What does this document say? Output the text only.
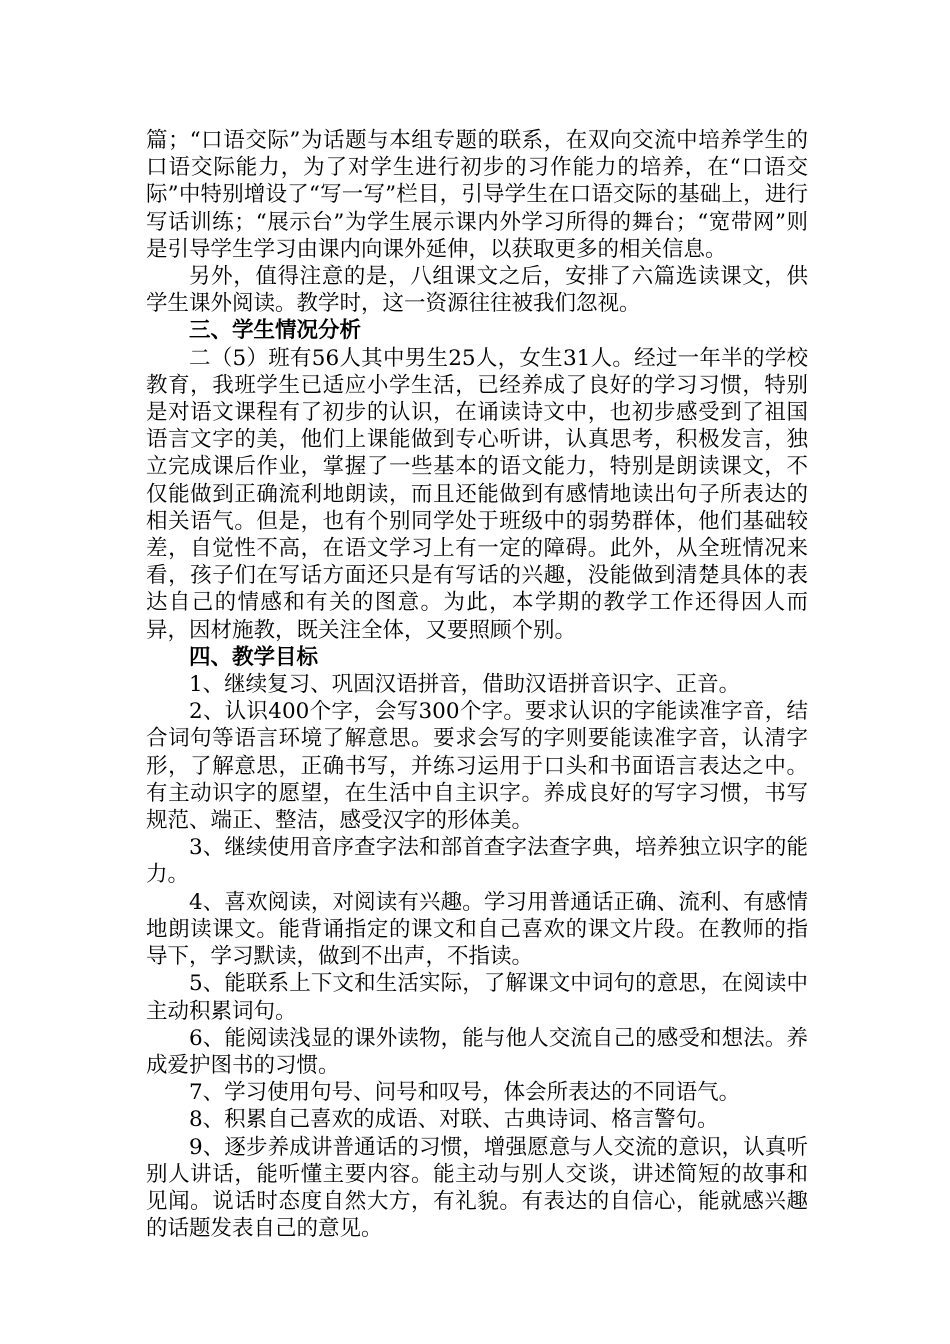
篇；“口语交际”为话题与本组专题的联系，在双向交流中培养学生的口语交际能力，为了对学生进行初步的习作能力的培养，在“口语交际”中特别增设了“写一写”栏目，引导学生在口语交际的基础上，进行写话训练；“展示台”为学生展示课内外学习所得的舞台；“宽带网”则是引导学生学习由课内向课外延伸，以获取更多的相关信息。

另外，值得注意的是，八组课文之后，安排了六篇选读课文，供学生课外阅读。教学时，这一资源往往被我们忽视。

三、学生情况分析

二（5）班有56人其中男生25人，女生31人。经过一年半的学校教育，我班学生已适应小学生活，已经养成了良好的学习习惯，特别是对语文课程有了初步的认识，在诵读诗文中，也初步感受到了祖国语言文字的美，他们上课能做到专心听讲，认真思考，积极发言，独立完成课后作业，掌握了一些基本的语文能力，特别是朗读课文，不仅能做到正确流利地朗读，而且还能做到有感情地读出句子所表达的相关语气。但是，也有个别同学处于班级中的弱势群体，他们基础较差，自觉性不高，在语文学习上有一定的障碍。此外，从全班情况来看，孩子们在写话方面还只是有写话的兴趣，没能做到清楚具体的表达自己的情感和有关的图意。为此，本学期的教学工作还得因人而异，因材施教，既关注全体，又要照顾个别。

四、教学目标

1、继续复习、巩固汉语拼音，借助汉语拼音识字、正音。

2、认识400个字，会写300个字。要求认识的字能读准字音，结合词句等语言环境了解意思。要求会写的字则要能读准字音，认清字形，了解意思，正确书写，并练习运用于口头和书面语言表达之中。有主动识字的愿望，在生活中自主识字。养成良好的写字习惯，书写规范、端正、整洁，感受汉字的形体美。

3、继续使用音序查字法和部首查字法查字典，培养独立识字的能力。

4、喜欢阅读，对阅读有兴趣。学习用普通话正确、流利、有感情地朗读课文。能背诵指定的课文和自己喜欢的课文片段。在教师的指导下，学习默读，做到不出声，不指读。

5、能联系上下文和生活实际，了解课文中词句的意思，在阅读中主动积累词句。

6、能阅读浅显的课外读物，能与他人交流自己的感受和想法。养成爱护图书的习惯。

7、学习使用句号、问号和叹号，体会所表达的不同语气。

8、积累自己喜欢的成语、对联、古典诗词、格言警句。

9、逐步养成讲普通话的习惯，增强愿意与人交流的意识，认真听别人讲话，能听懂主要内容。能主动与别人交谈，讲述简短的故事和见闻。说话时态度自然大方，有礼貌。有表达的自信心，能就感兴趣的话题发表自己的意见。
